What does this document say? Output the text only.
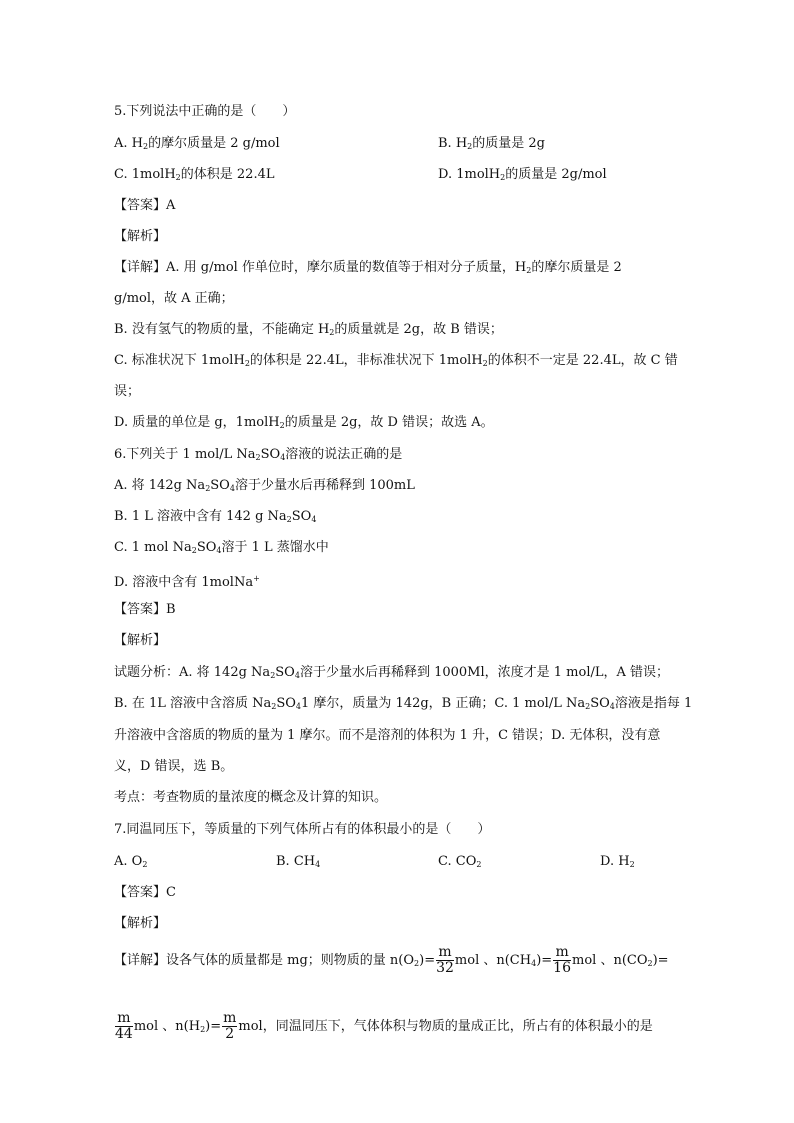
5.下列说法中正确的是（　　）
A. $H_2$的摩尔质量是 2 g/mol	B. $H_2$的质量是 2g
C. 1molH$_2$的体积是 22.4L	D. 1molH$_2$的质量是 2g/mol
【答案】A
【解析】
【详解】A. 用 g/mol 作单位时，摩尔质量的数值等于相对分子质量，$H_2$的摩尔质量是 2
g/mol，故 A 正确；
B. 没有氢气的物质的量，不能确定 $H_2$的质量就是 2g，故 B 错误；
C. 标准状况下 1molH$_2$的体积是 22.4L，非标准状况下 1molH$_2$的体积不一定是 22.4L，故 C 错
误；
D. 质量的单位是 g，1molH$_2$的质量是 2g，故 D 错误；故选 A。
6.下列关于 1 mol/L $Na_2SO_4$溶液的说法正确的是
A. 将 142g $Na_2SO_4$溶于少量水后再稀释到 100mL
B. 1 L 溶液中含有 142 g $Na_2SO_4$
C. 1 mol $Na_2SO_4$溶于 1 L 蒸馏水中
D. 溶液中含有 1molNa+
【答案】B
【解析】
试题分析：A. 将 142g $Na_2SO_4$溶于少量水后再稀释到 1000Ml，浓度才是 1 mol/L，A 错误；
B. 在 1L 溶液中含溶质 $Na_2SO_41$ 摩尔，质量为 142g，B 正确；C. 1 mol/L $Na_2SO_4$溶液是指每 1
升溶液中含溶质的物质的量为 1 摩尔。而不是溶剂的体积为 1 升，C 错误；D. 无体积，没有意
义，D 错误，选 B。
考点：考查物质的量浓度的概念及计算的知识。
7.同温同压下，等质量的下列气体所占有的体积最小的是（　　）
A. $O_2$	B. $CH_4$	C. $CO_2$	D. $H_2$
【答案】C
【解析】
【详解】设各气体的质量都是 mg；则物质的量 $n(O_2)= \frac{m}{32}$ mol 、$n(CH_4)= \frac{m}{16}$ mol 、$n(CO_2)=$
$\frac{m}{44}$ mol 、$n(H_2)= \frac{m}{2}$ mol，同温同压下，气体体积与物质的量成正比，所占有的体积最小的是
